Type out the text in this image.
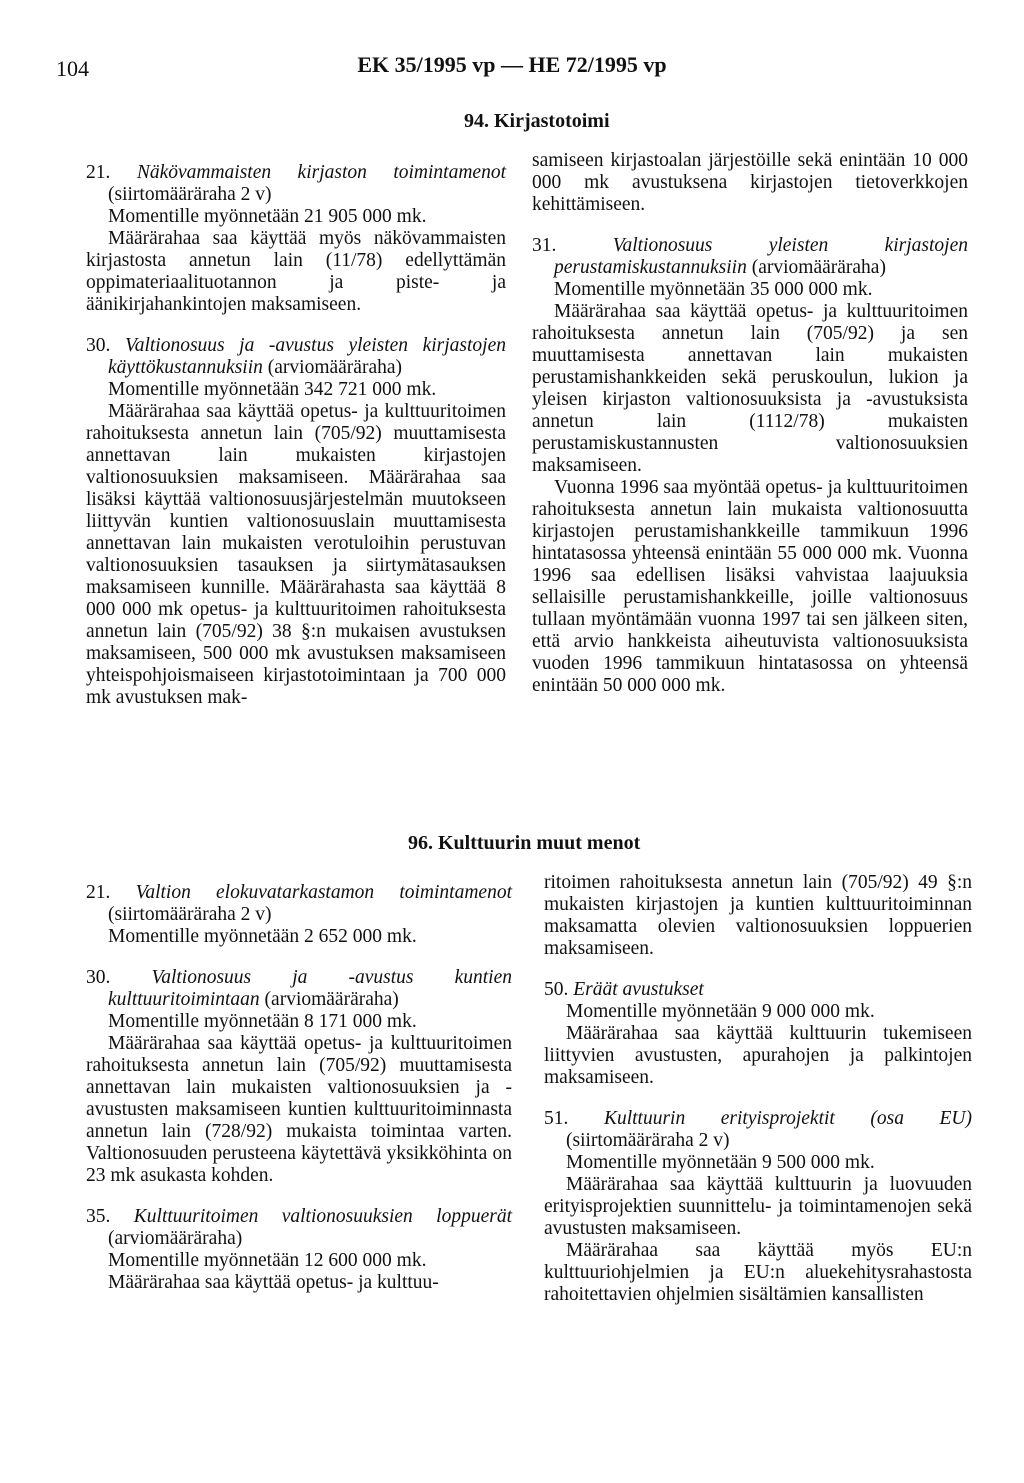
104	EK 35/1995 vp — HE 72/1995 vp
94. Kirjastotoimi

21. Näkövammaisten kirjaston toimintamenot (siirtomääräraha 2 v)

Momentille myönnetään 21 905 000 mk.

Määrärahaa saa käyttää myös näkövammaisten kirjastosta annetun lain (11/78) edellyttämän oppimateriaalituotannon ja piste- ja äänikirjahankintojen maksamiseen.

30. Valtionosuus ja -avustus yleisten kirjastojen käyttökustannuksiin (arviomääräraha)

Momentille myönnetään 342 721 000 mk.

Määrärahaa saa käyttää opetus- ja kulttuuritoimen rahoituksesta annetun lain (705/92) muuttamisesta annettavan lain mukaisten kirjastojen valtionosuuksien maksamiseen. Määrärahaa saa lisäksi käyttää valtionosuusjärjestelmän muutokseen liittyvän kuntien valtionosuuslain muuttamisesta annettavan lain mukaisten verotuloihin perustuvan valtionosuuksien tasauksen ja siirtymätasauksen maksamiseen kunnille. Määrärahasta saa käyttää 8 000 000 mk opetus- ja kulttuuritoimen rahoituksesta annetun lain (705/92) 38 §:n mukaisen avustuksen maksamiseen, 500 000 mk avustuksen maksamiseen yhteispohjoismaiseen kirjastotoimintaan ja 700 000 mk avustuksen mak-

samiseen kirjastoalan järjestöille sekä enintään 10 000 000 mk avustuksena kirjastojen tietoverkkojen kehittämiseen.

31.	Valtionosuus yleisten kirjastojen perustamiskustannuksiin (arviomääräraha)

Momentille myönnetään 35 000 000 mk.

Määrärahaa saa käyttää opetus- ja kulttuuritoimen rahoituksesta annetun lain (705/92) ja sen muuttamisesta annettavan lain mukaisten perustamishankkeiden sekä peruskoulun, lukion ja yleisen kirjaston valtionosuuksista ja -avustuksista annetun lain (1112/78) mukaisten perustamiskustannusten valtionosuuksien maksamiseen.

Vuonna 1996 saa myöntää opetus- ja kulttuuritoimen rahoituksesta annetun lain mukaista valtionosuutta kirjastojen perustamishankkeille tammikuun 1996 hintatasossa yhteensä enintään 55 000 000 mk. Vuonna 1996 saa edellisen lisäksi vahvistaa laajuuksia sellaisille perustamishankkeille, joille valtionosuus tullaan myöntämään vuonna 1997 tai sen jälkeen siten, että arvio hankkeista aiheutuvista valtionosuuksista vuoden 1996 tammikuun hintatasossa on yhteensä enintään 50 000 000 mk.

96. Kulttuurin muut menot

21. Valtion elokuvatarkastamon toimintamenot (siirtomääräraha 2 v)

Momentille myönnetään 2 652 000 mk.

30. Valtionosuus ja -avustus kuntien kulttuuritoimintaan (arviomääräraha)

Momentille myönnetään 8 171 000 mk.

Määrärahaa saa käyttää opetus- ja kulttuuritoimen rahoituksesta annetun lain (705/92) muuttamisesta annettavan lain mukaisten valtionosuuksien ja -avustusten maksamiseen kuntien kulttuuritoiminnasta annetun lain (728/92) mukaista toimintaa varten. Valtionosuuden perusteena käytettävä yksikköhinta on 23 mk asukasta kohden.

35. Kulttuuritoimen valtionosuuksien loppuerät (arviomääräraha)

Momentille myönnetään 12 600 000 mk.

Määrärahaa saa käyttää opetus- ja kulttuu-

ritoimen rahoituksesta annetun lain (705/92) 49 §:n mukaisten kirjastojen ja kuntien kulttuuritoiminnan maksamatta olevien valtionosuuksien loppuerien maksamiseen.

50. Eräät avustukset

Momentille myönnetään 9 000 000 mk.

Määrärahaa saa käyttää kulttuurin tukemiseen liittyvien avustusten, apurahojen ja palkintojen maksamiseen.

51. Kulttuurin erityisprojektit (osa EU) (siirtomääräraha 2 v)

Momentille myönnetään 9 500 000 mk.

Määrärahaa saa käyttää kulttuurin ja luovuuden erityisprojektien suunnittelu- ja toimintamenojen sekä avustusten maksamiseen.

Määrärahaa saa käyttää myös EU:n kulttuuriohjelmien ja EU:n aluekehitysrahastosta rahoitettavien ohjelmien sisältämien kansallisten
